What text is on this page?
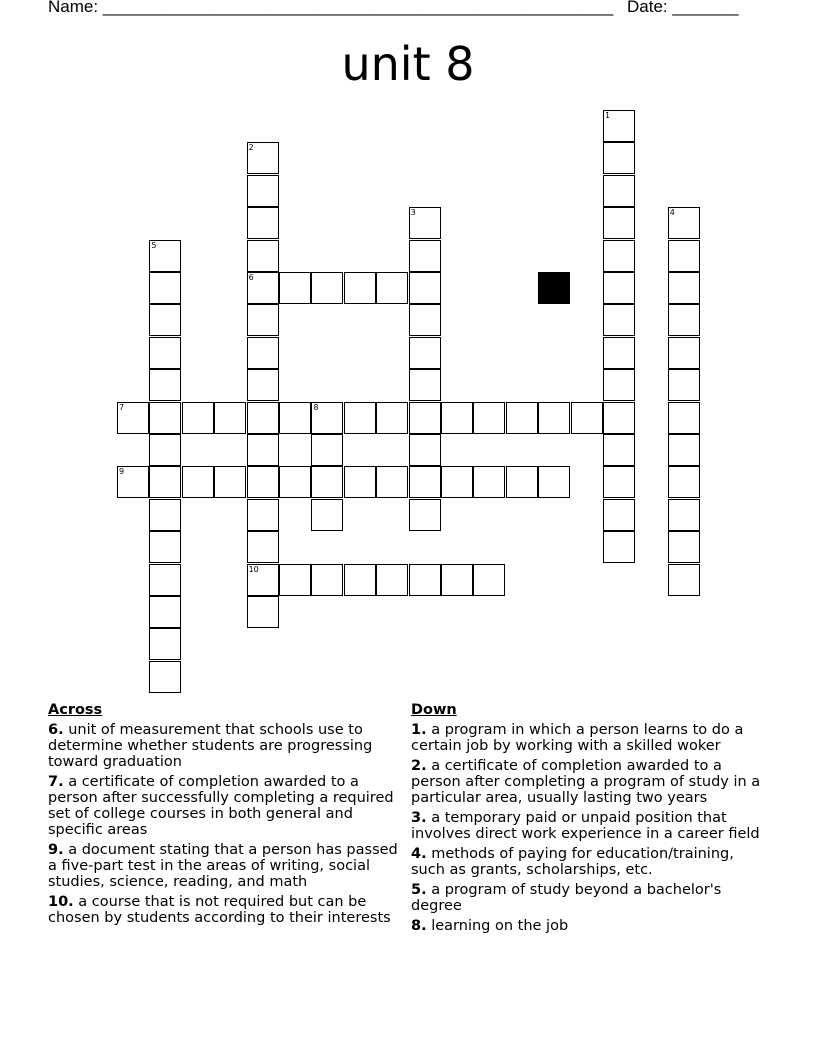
Name: ______________________________________________________

Date: _______

unit 8
1
2
6
10
3	4
5
7	8
9
Across
6. unit of measurement that schools use to determine whether students are progressing toward graduation
7. a certificate of completion awarded to a person after successfully completing a required set of college courses in both general and specific areas
9. a document stating that a person has passed a five-part test in the areas of writing, social studies, science, reading, and math
10. a course that is not required but can be chosen by students according to their interests
Down
1. a program in which a person learns to do a certain job by working with a skilled woker
2. a certificate of completion awarded to a person after completing a program of study in a particular area, usually lasting two years
3. a temporary paid or unpaid position that involves direct work experience in a career field
4. methods of paying for education/training, such as grants, scholarships, etc.
5. a program of study beyond a bachelor's degree
8. learning on the job
